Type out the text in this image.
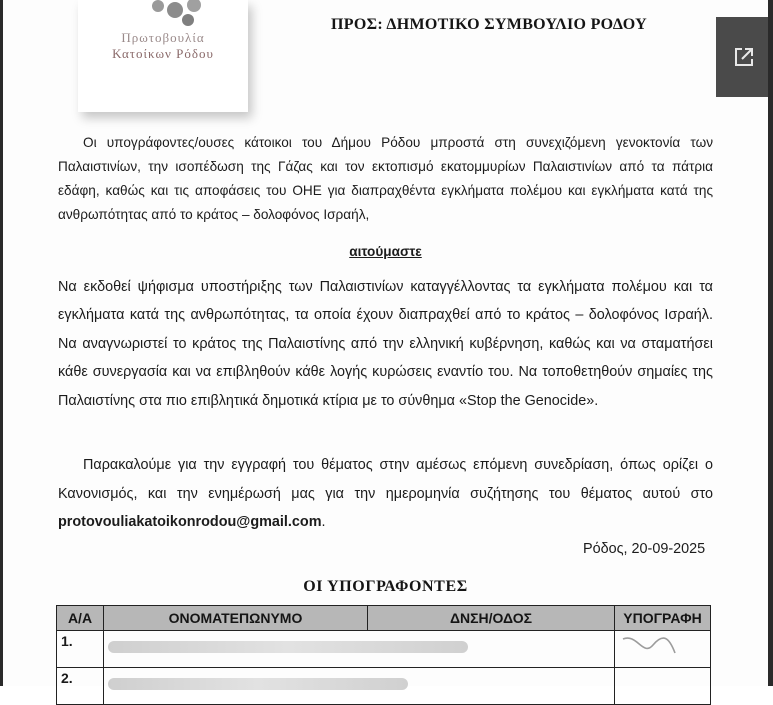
Πρωτοβουλία
Κατοίκων Ρόδου
ΠΡΟΣ: ΔΗΜΟΤΙΚΟ ΣΥΜΒΟΥΛΙΟ ΡΟΔΟΥ
Οι υπογράφοντες/ουσες κάτοικοι του Δήμου Ρόδου μπροστά στη συνεχιζόμενη γενοκτονία των Παλαιστινίων, την ισοπέδωση της Γάζας και τον εκτοπισμό εκατομμυρίων Παλαιστινίων από τα πάτρια εδάφη, καθώς και τις αποφάσεις του ΟΗΕ για διαπραχθέντα εγκλήματα πολέμου και εγκλήματα κατά της ανθρωπότητας από το κράτος – δολοφόνος Ισραήλ,
αιτούμαστε
Να εκδοθεί ψήφισμα υποστήριξης των Παλαιστινίων καταγγέλλοντας τα εγκλήματα πολέμου και τα εγκλήματα κατά της ανθρωπότητας, τα οποία έχουν διαπραχθεί από το κράτος – δολοφόνος Ισραήλ. Να αναγνωριστεί το κράτος της Παλαιστίνης από την ελληνική κυβέρνηση, καθώς και να σταματήσει κάθε συνεργασία και να επιβληθούν κάθε λογής κυρώσεις εναντίο του. Να τοποθετηθούν σημαίες της Παλαιστίνης στα πιο επιβλητικά δημοτικά κτίρια με το σύνθημα «Stop the Genocide».
Παρακαλούμε για την εγγραφή του θέματος στην αμέσως επόμενη συνεδρίαση, όπως ορίζει ο Κανονισμός, και την ενημέρωσή μας για την ημερομηνία συζήτησης του θέματος αυτού στο protovouliakatoikonrodou@gmail.com.
Ρόδος, 20-09-2025
ΟΙ ΥΠΟΓΡΑΦΟΝΤΕΣ
Α/Α	ΟΝΟΜΑΤΕΠΩΝΥΜΟ	ΔΝΣΗ/ΟΔΟΣ	ΥΠΟΓΡΑΦΗ
1.		
2.			
